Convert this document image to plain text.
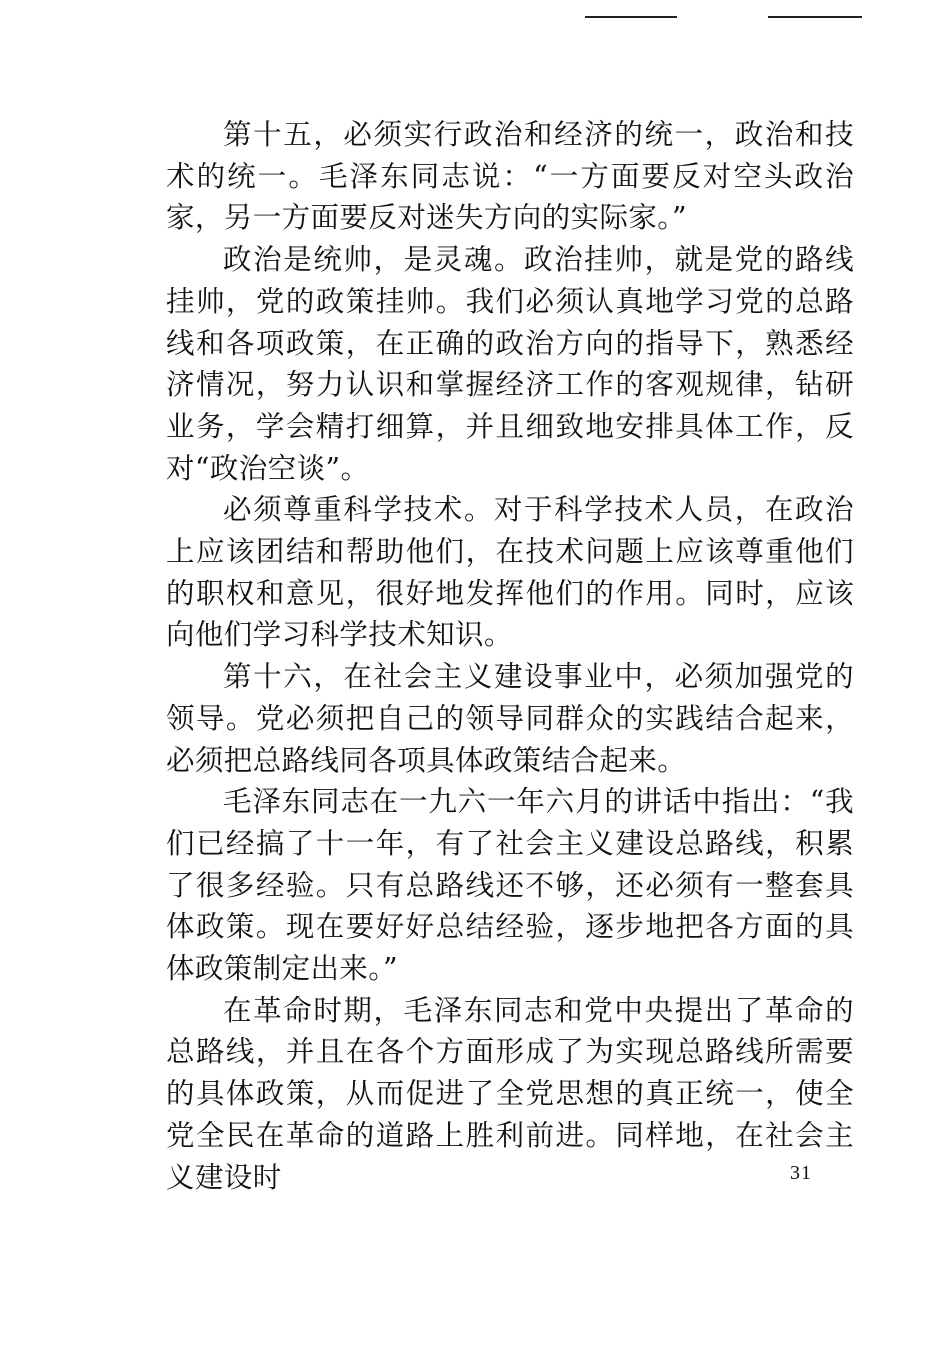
第十五，必须实行政治和经济的统一，政治和技术的统一。毛泽东同志说：“一方面要反对空头政治家，另一方面要反对迷失方向的实际家。”

政治是统帅，是灵魂。政治挂帅，就是党的路线挂帅，党的政策挂帅。我们必须认真地学习党的总路线和各项政策，在正确的政治方向的指导下，熟悉经济情况，努力认识和掌握经济工作的客观规律，钻研业务，学会精打细算，并且细致地安排具体工作，反对“政治空谈”。

必须尊重科学技术。对于科学技术人员，在政治上应该团结和帮助他们，在技术问题上应该尊重他们的职权和意见，很好地发挥他们的作用。同时，应该向他们学习科学技术知识。

第十六，在社会主义建设事业中，必须加强党的领导。党必须把自己的领导同群众的实践结合起来，必须把总路线同各项具体政策结合起来。

毛泽东同志在一九六一年六月的讲话中指出：“我们已经搞了十一年，有了社会主义建设总路线，积累了很多经验。只有总路线还不够，还必须有一整套具体政策。现在要好好总结经验，逐步地把各方面的具体政策制定出来。”

在革命时期，毛泽东同志和党中央提出了革命的总路线，并且在各个方面形成了为实现总路线所需要的具体政策，从而促进了全党思想的真正统一，使全党全民在革命的道路上胜利前进。同样地，在社会主义建设时	31
